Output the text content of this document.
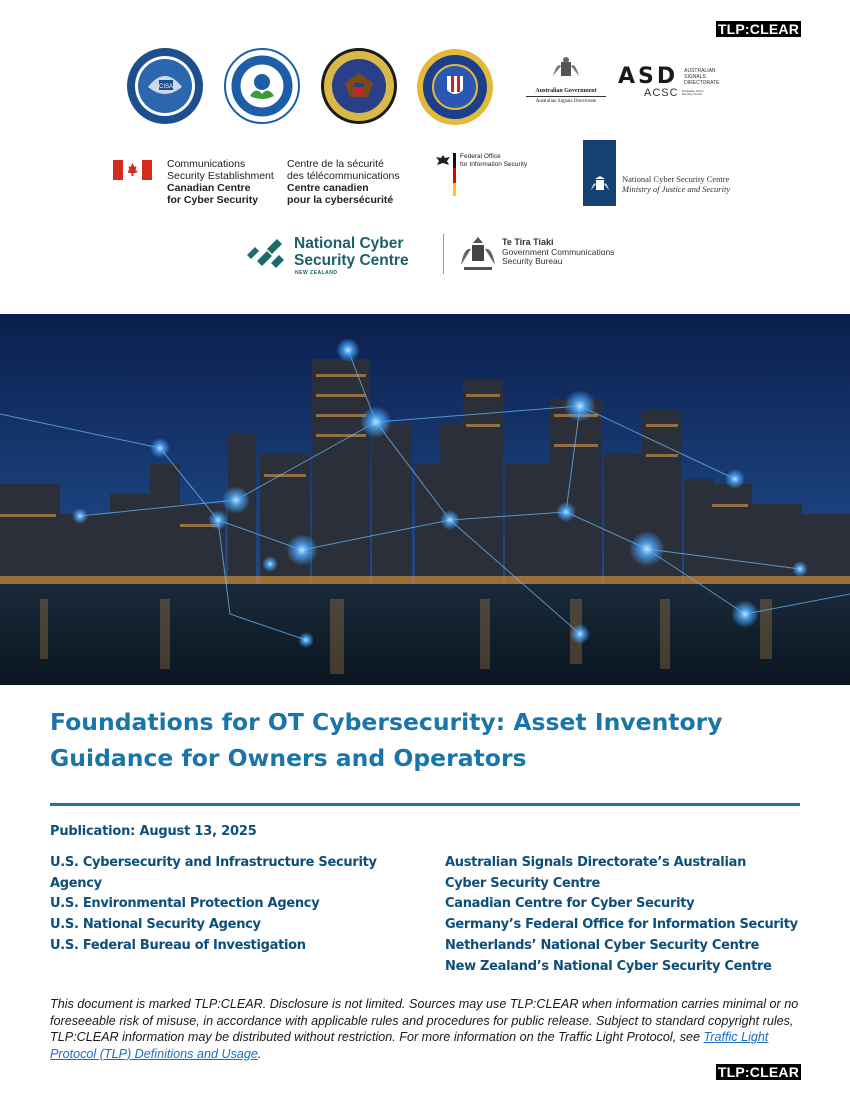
TLP:CLEAR
CISA
Australian Government
Australian Signals Directorate
ASD AUSTRALIAN
SIGNALS
DIRECTORATE
ACSC Australian Cyber Security Centre
Communications
Security Establishment
Canadian Centre
for Cyber Security
Centre de la sécurité
des télécommunications
Centre canadien
pour la cybersécurité
Federal Office
for Information Security
National Cyber Security Centre
Ministry of Justice and Security
National Cyber
Security Centre
NEW ZEALAND
Te Tira Tiaki
Government Communications
Security Bureau
Foundations for OT Cybersecurity: Asset Inventory Guidance for Owners and Operators
Publication: August 13, 2025
U.S. Cybersecurity and Infrastructure Security Agency
U.S. Environmental Protection Agency
U.S. National Security Agency
U.S. Federal Bureau of Investigation
Australian Signals Directorate’s Australian Cyber Security Centre
Canadian Centre for Cyber Security
Germany’s Federal Office for Information Security
Netherlands’ National Cyber Security Centre
New Zealand’s National Cyber Security Centre

This document is marked TLP:CLEAR. Disclosure is not limited. Sources may use TLP:CLEAR when information carries minimal or no foreseeable risk of misuse, in accordance with applicable rules and procedures for public release. Subject to standard copyright rules, TLP:CLEAR information may be distributed without restriction. For more information on the Traffic Light Protocol, see Traffic Light Protocol (TLP) Definitions and Usage.

TLP:CLEAR
